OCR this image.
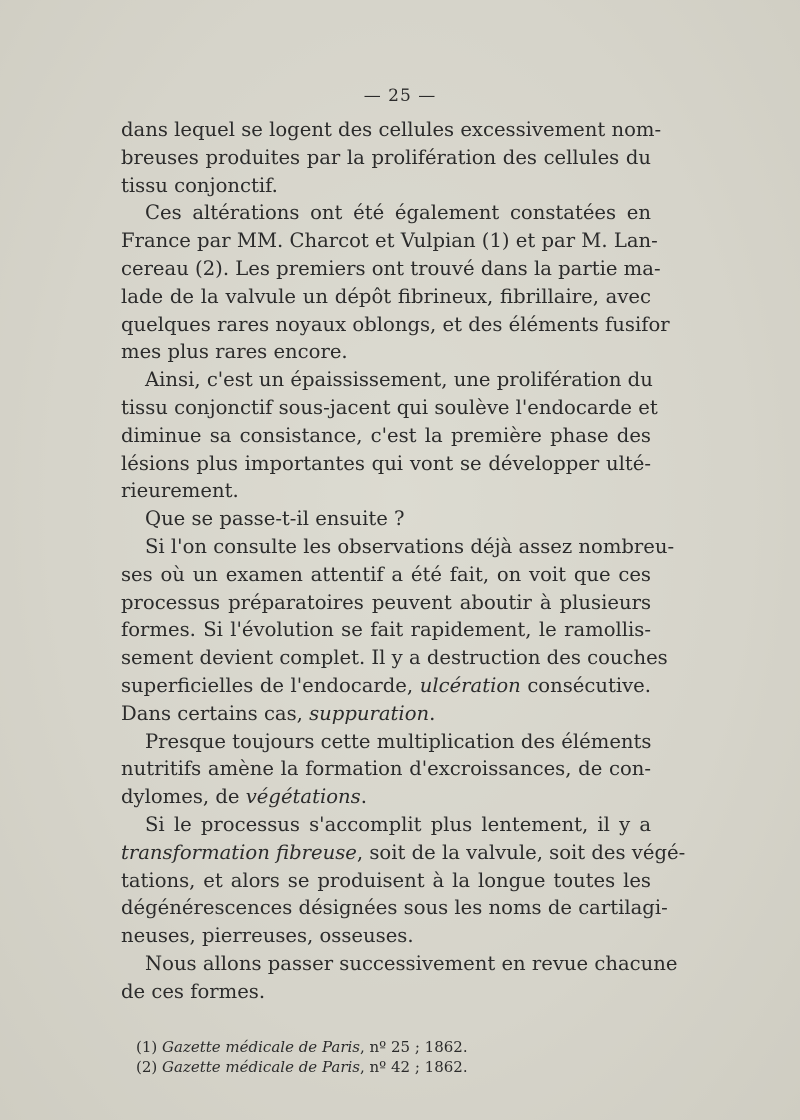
— 25 —
dans lequel se logent des cellules excessivement nom-
breuses produites par la prolifération des cellules du
tissu conjonctif.
Ces altérations ont été également constatées en
France par MM. Charcot et Vulpian (1) et par M. Lan-
cereau (2). Les premiers ont trouvé dans la partie ma-
lade de la valvule un dépôt fibrineux, fibrillaire, avec
quelques rares noyaux oblongs, et des éléments fusifor
mes plus rares encore.
Ainsi, c'est un épaississement, une prolifération du
tissu conjonctif sous-jacent qui soulève l'endocarde et
diminue sa consistance, c'est la première phase des
lésions plus importantes qui vont se développer ulté-
rieurement.
Que se passe-t-il ensuite ?
Si l'on consulte les observations déjà assez nombreu-
ses où un examen attentif a été fait, on voit que ces
processus préparatoires peuvent aboutir à plusieurs
formes. Si l'évolution se fait rapidement, le ramollis-
sement devient complet. Il y a destruction des couches
superficielles de l'endocarde, ulcération consécutive.
Dans certains cas, suppuration.
Presque toujours cette multiplication des éléments
nutritifs amène la formation d'excroissances, de con-
dylomes, de végétations.
Si le processus s'accomplit plus lentement, il y a
transformation fibreuse, soit de la valvule, soit des végé-
tations, et alors se produisent à la longue toutes les
dégénérescences désignées sous les noms de cartilagi-
neuses, pierreuses, osseuses.
Nous allons passer successivement en revue chacune
de ces formes.
(1) Gazette médicale de Paris, nº 25 ; 1862.
(2) Gazette médicale de Paris, nº 42 ; 1862.
